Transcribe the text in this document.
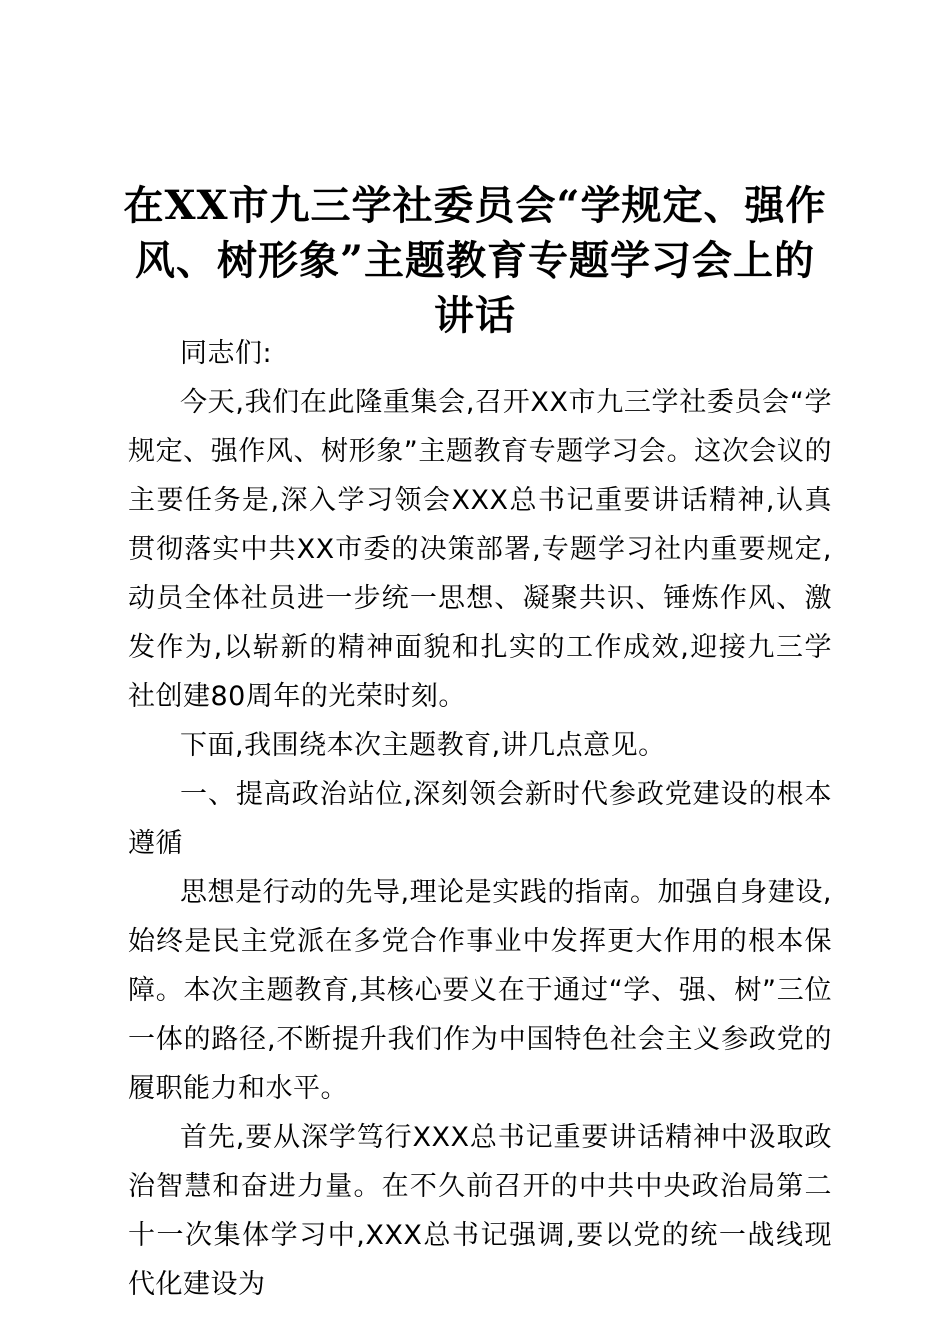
在XX市九三学社委员会“学规定、强作风、树形象”主题教育专题学习会上的讲话

同志们:

今天,我们在此隆重集会,召开XX市九三学社委员会“学规定、强作风、树形象”主题教育专题学习会。这次会议的主要任务是,深入学习领会XXX总书记重要讲话精神,认真贯彻落实中共XX市委的决策部署,专题学习社内重要规定,动员全体社员进一步统一思想、凝聚共识、锤炼作风、激发作为,以崭新的精神面貌和扎实的工作成效,迎接九三学社创建80周年的光荣时刻。

下面,我围绕本次主题教育,讲几点意见。

一、提高政治站位,深刻领会新时代参政党建设的根本遵循

思想是行动的先导,理论是实践的指南。加强自身建设,始终是民主党派在多党合作事业中发挥更大作用的根本保障。本次主题教育,其核心要义在于通过“学、强、树”三位一体的路径,不断提升我们作为中国特色社会主义参政党的履职能力和水平。

首先,要从深学笃行XXX总书记重要讲话精神中汲取政治智慧和奋进力量。在不久前召开的中共中央政治局第二十一次集体学习中,XXX总书记强调,要以党的统一战线现代化建设为
